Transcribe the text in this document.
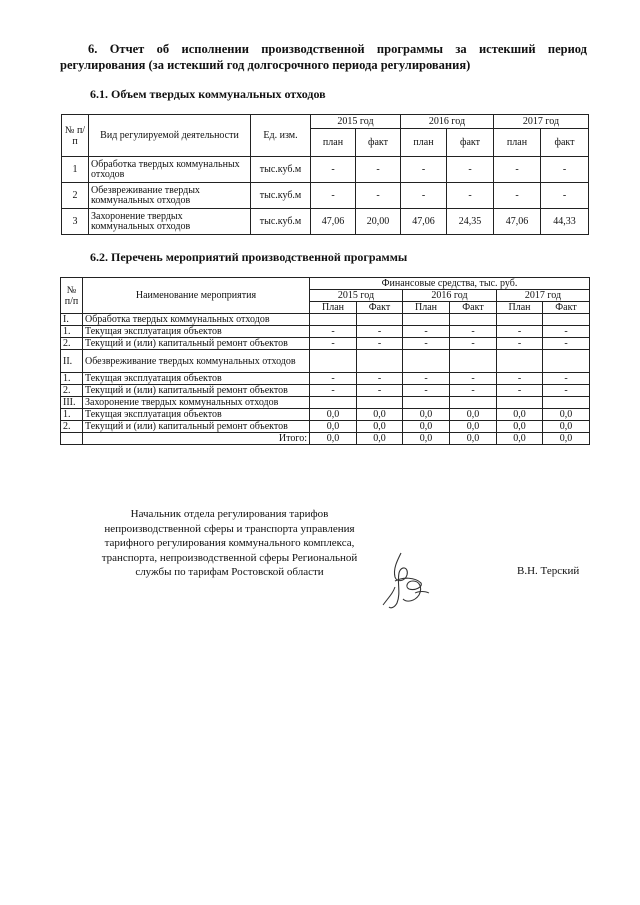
6. Отчет об исполнении производственной программы за истекший период
регулирования (за истекший год долгосрочного периода регулирования)
6.1. Объем твердых коммунальных отходов
№ п/п	Вид регулируемой деятельности	Ед. изм.	2015 год		2016 год		2017 год	
			план	факт	план	факт	план	факт
1	Обработка твердых коммунальных отходов	тыс.куб.м	-	-	-	-	-	-
2	Обезвреживание твердых коммунальных отходов	тыс.куб.м	-	-	-	-	-	-
3	Захоронение твердых коммунальных отходов	тыс.куб.м	47,06	20,00	47,06	24,35	47,06	44,33
6.2. Перечень мероприятий производственной программы
№ п/п	Наименование мероприятия	Финансовые средства, тыс. руб.					
		2015 год		2016 год		2017 год	
		План	Факт	План	Факт	План	Факт
I.	Обработка твердых коммунальных отходов						
1.	Текущая эксплуатация объектов	-	-	-	-	-	-
2.	Текущий и (или) капитальный ремонт объектов	-	-	-	-	-	-
II.	Обезвреживание твердых коммунальных отходов						
1.	Текущая эксплуатация объектов	-	-	-	-	-	-
2.	Текущий и (или) капитальный ремонт объектов	-	-	-	-	-	-
III.	Захоронение твердых коммунальных отходов						
1.	Текущая эксплуатация объектов	0,0	0,0	0,0	0,0	0,0	0,0
2.	Текущий и (или) капитальный ремонт объектов	0,0	0,0	0,0	0,0	0,0	0,0
	Итого:	0,0	0,0	0,0	0,0	0,0	0,0
Начальник отдела регулирования тарифов
непроизводственной сферы и транспорта управления
тарифного регулирования коммунального комплекса,
транспорта, непроизводственной сферы Региональной
службы по тарифам Ростовской области	В.Н. Терский
